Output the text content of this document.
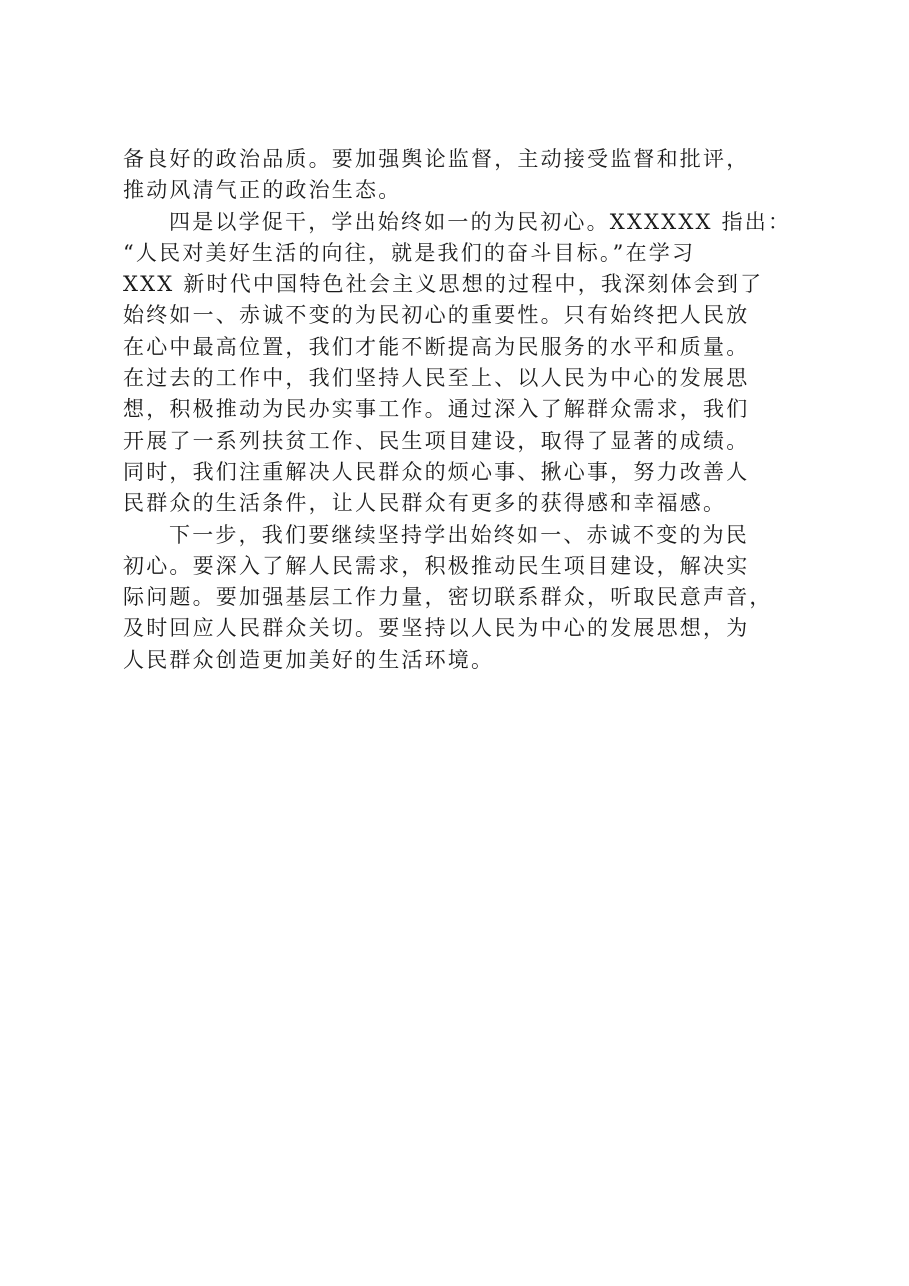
备良好的政治品质。要加强舆论监督，主动接受监督和批评，
推动风清气正的政治生态。
四是以学促干，学出始终如一的为民初心。XXXXXX 指出：
“人民对美好生活的向往，就是我们的奋斗目标。”在学习
XXX 新时代中国特色社会主义思想的过程中，我深刻体会到了
始终如一、赤诚不变的为民初心的重要性。只有始终把人民放
在心中最高位置，我们才能不断提高为民服务的水平和质量。
在过去的工作中，我们坚持人民至上、以人民为中心的发展思
想，积极推动为民办实事工作。通过深入了解群众需求，我们
开展了一系列扶贫工作、民生项目建设，取得了显著的成绩。
同时，我们注重解决人民群众的烦心事、揪心事，努力改善人
民群众的生活条件，让人民群众有更多的获得感和幸福感。
下一步，我们要继续坚持学出始终如一、赤诚不变的为民
初心。要深入了解人民需求，积极推动民生项目建设，解决实
际问题。要加强基层工作力量，密切联系群众，听取民意声音，
及时回应人民群众关切。要坚持以人民为中心的发展思想，为
人民群众创造更加美好的生活环境。
